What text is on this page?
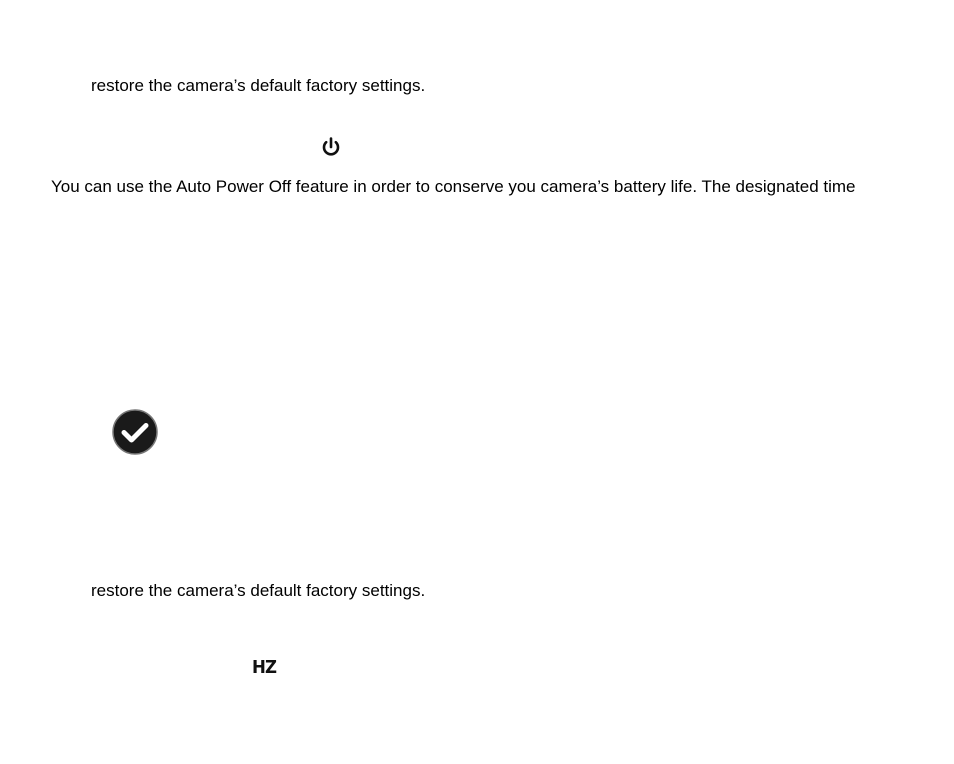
restore the camera’s default factory settings.
You can use the Auto Power Off feature in order to conserve you camera’s battery life. The designated time
restore the camera’s default factory settings.
HZ
